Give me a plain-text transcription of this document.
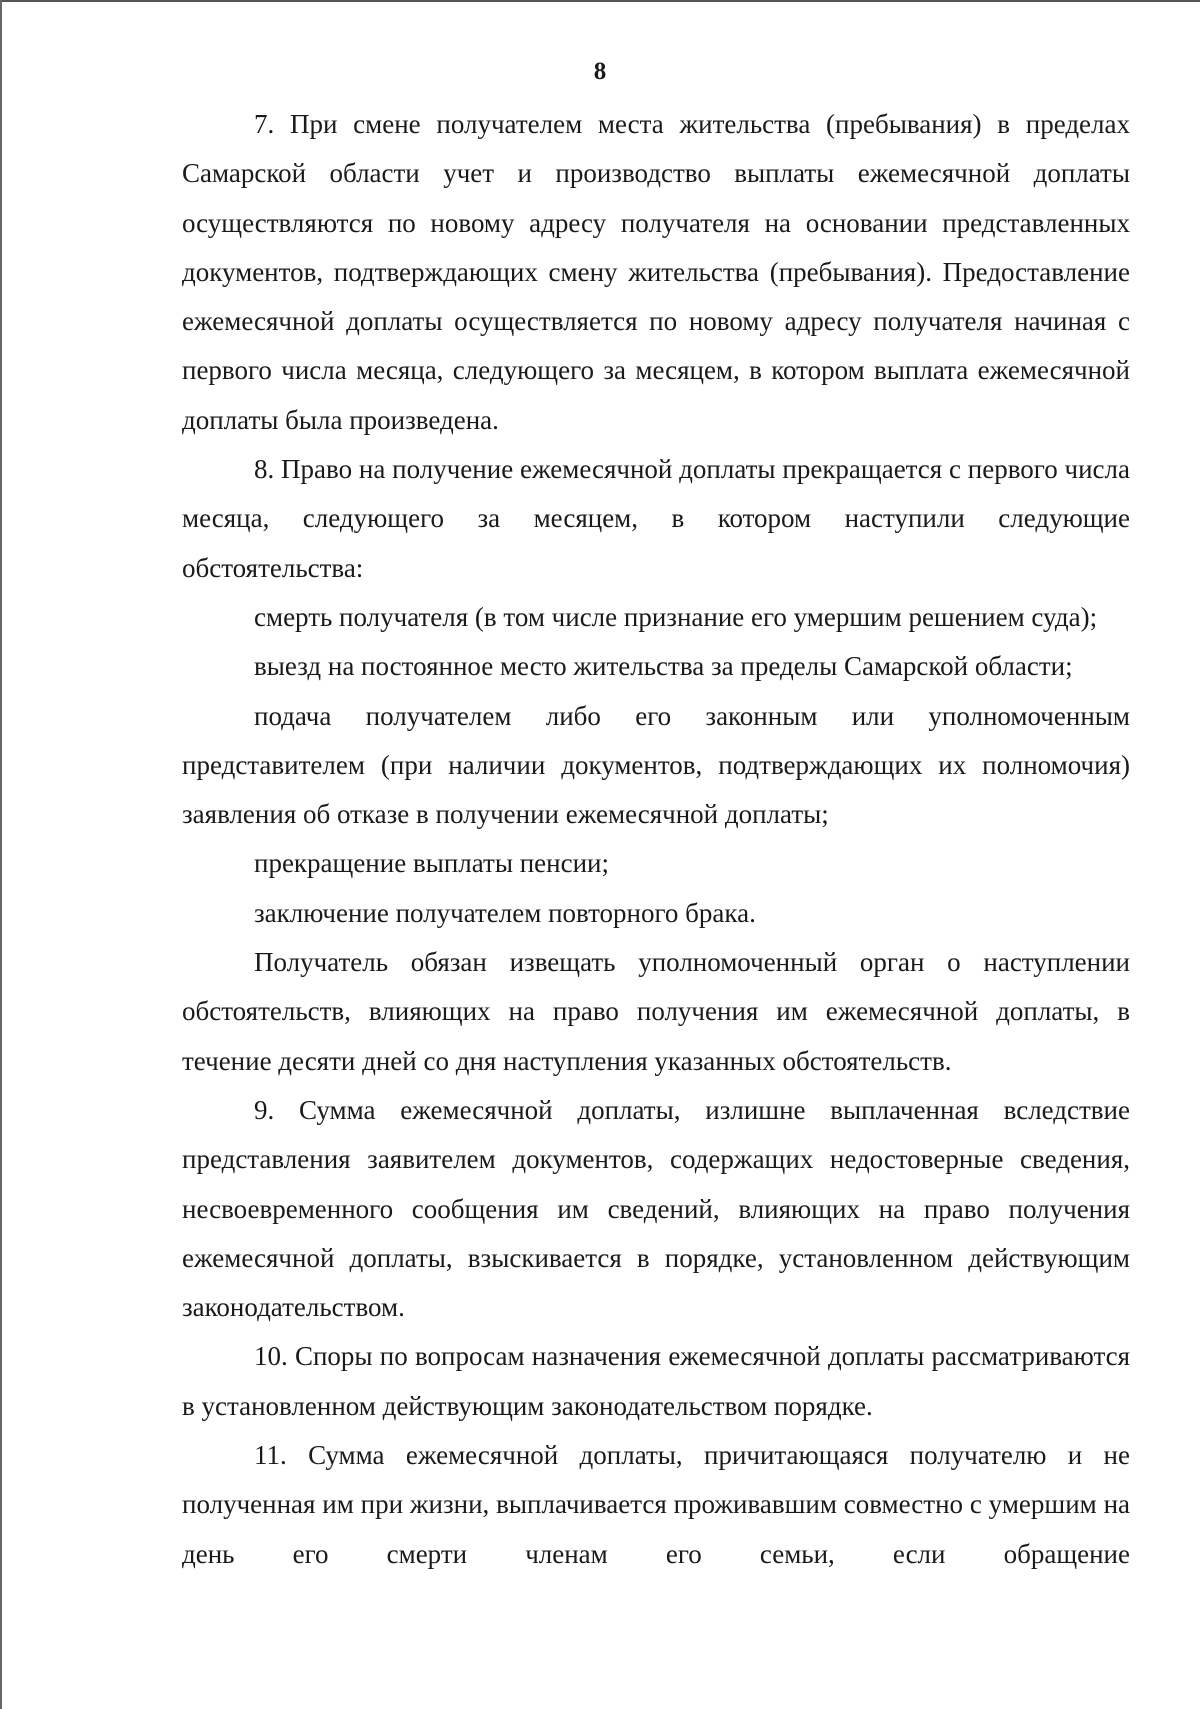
8

7. При смене получателем места жительства (пребывания) в пределах Самарской области учет и производство выплаты ежемесячной доплаты осуществляются по новому адресу получателя на основании представленных документов, подтверждающих смену жительства (пребывания). Предоставление ежемесячной доплаты осуществляется по новому адресу получателя начиная с первого числа месяца, следующего за месяцем, в котором выплата ежемесячной доплаты была произведена.

8. Право на получение ежемесячной доплаты прекращается с первого числа месяца, следующего за месяцем, в котором наступили следующие обстоятельства:

смерть получателя (в том числе признание его умершим решением суда);

выезд на постоянное место жительства за пределы Самарской области;

подача получателем либо его законным или уполномоченным представителем (при наличии документов, подтверждающих их полномочия) заявления об отказе в получении ежемесячной доплаты;

прекращение выплаты пенсии;

заключение получателем повторного брака.

Получатель обязан извещать уполномоченный орган о наступлении обстоятельств, влияющих на право получения им ежемесячной доплаты, в течение десяти дней со дня наступления указанных обстоятельств.

9. Сумма ежемесячной доплаты, излишне выплаченная вследствие представления заявителем документов, содержащих недостоверные сведения, несвоевременного сообщения им сведений, влияющих на право получения ежемесячной доплаты, взыскивается в порядке, установленном действующим законодательством.

10. Споры по вопросам назначения ежемесячной доплаты рассматриваются в установленном действующим законодательством порядке.

11. Сумма ежемесячной доплаты, причитающаяся получателю и не полученная им при жизни, выплачивается проживавшим совместно с умершим на день его смерти членам его семьи, если обращение
